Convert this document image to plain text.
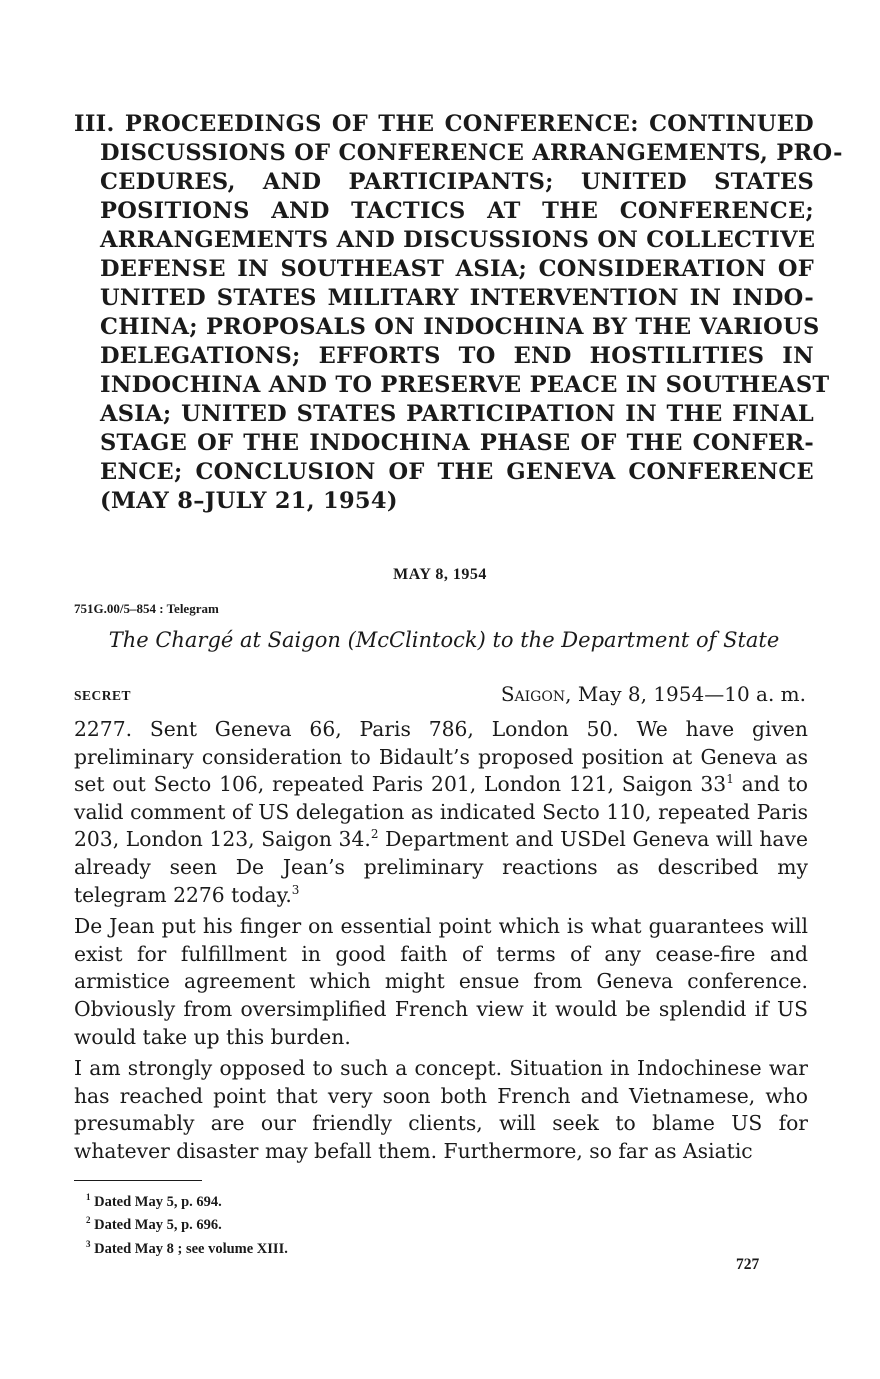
III. PROCEEDINGS OF THE CONFERENCE: CONTINUED
DISCUSSIONS OF CONFERENCE ARRANGEMENTS, PRO-
CEDURES, AND PARTICIPANTS; UNITED STATES
POSITIONS AND TACTICS AT THE CONFERENCE;
ARRANGEMENTS AND DISCUSSIONS ON COLLECTIVE
DEFENSE IN SOUTHEAST ASIA; CONSIDERATION OF
UNITED STATES MILITARY INTERVENTION IN INDO-
CHINA; PROPOSALS ON INDOCHINA BY THE VARIOUS
DELEGATIONS; EFFORTS TO END HOSTILITIES IN
INDOCHINA AND TO PRESERVE PEACE IN SOUTHEAST
ASIA; UNITED STATES PARTICIPATION IN THE FINAL
STAGE OF THE INDOCHINA PHASE OF THE CONFER-
ENCE; CONCLUSION OF THE GENEVA CONFERENCE
(MAY 8–JULY 21, 1954)
MAY 8, 1954
751G.00/5–854 : Telegram
The Chargé at Saigon (McClintock) to the Department of State
SECRET	Saigon, May 8, 1954—10 a. m.

2277. Sent Geneva 66, Paris 786, London 50. We have given preliminary consideration to Bidault’s proposed position at Geneva as set out Secto 106, repeated Paris 201, London 121, Saigon $33^1$ and to valid comment of US delegation as indicated Secto 110, repeated Paris 203, London 123, Saigon 34.$^2$ Department and USDel Geneva will have already seen De Jean’s preliminary reactions as described my telegram 2276 today.$^3$

De Jean put his finger on essential point which is what guarantees will exist for fulfillment in good faith of terms of any cease-fire and armistice agreement which might ensue from Geneva conference. Obviously from oversimplified French view it would be splendid if US would take up this burden.

I am strongly opposed to such a concept. Situation in Indochinese war has reached point that very soon both French and Vietnamese, who presumably are our friendly clients, will seek to blame US for whatever disaster may befall them. Furthermore, so far as Asiatic

$^1$ Dated May 5, p. 694.
$^2$ Dated May 5, p. 696.
$^3$ Dated May 8 ; see volume XIII.
727
